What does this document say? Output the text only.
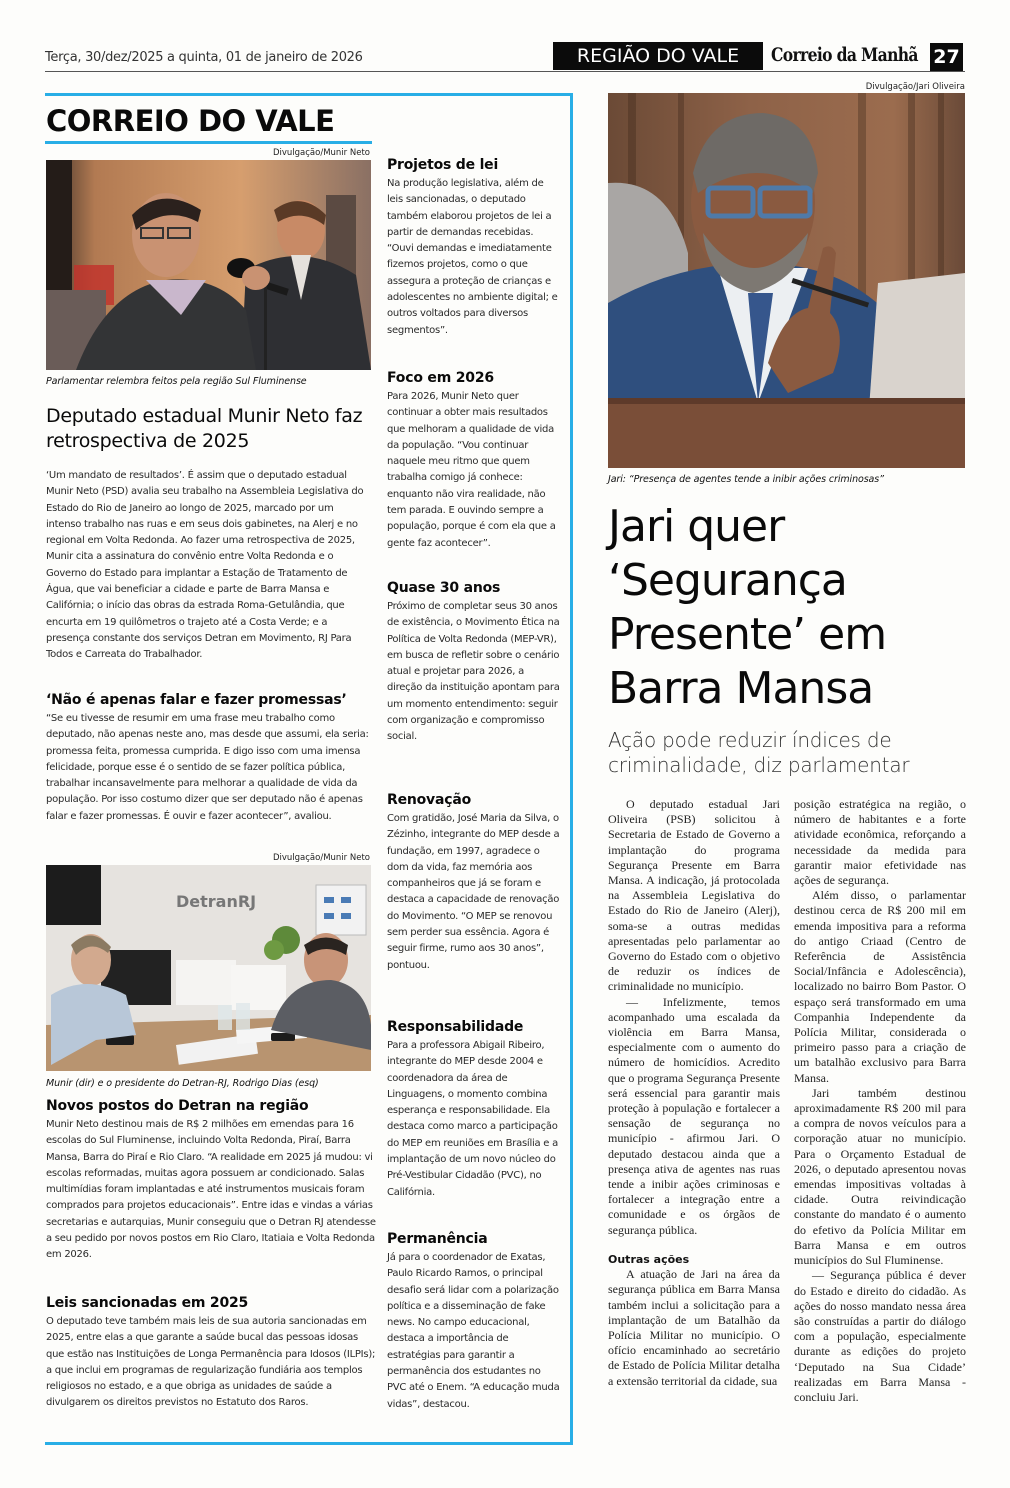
Terça, 30/dez/2025 a quinta, 01 de janeiro de 2026	REGIÃO DO VALE	Correio da Manhã 27
CORREIO DO VALE
Divulgação/Munir Neto
Parlamentar relembra feitos pela região Sul Fluminense
Deputado estadual Munir Neto faz retrospectiva de 2025
‘Um mandato de resultados’. É assim que o deputado estadual Munir Neto (PSD) avalia seu trabalho na Assembleia Legislativa do Estado do Rio de Janeiro ao longo de 2025, marcado por um intenso trabalho nas ruas e em seus dois gabinetes, na Alerj e no regional em Volta Redonda. Ao fazer uma retrospectiva de 2025, Munir cita a assinatura do convênio entre Volta Redonda e o Governo do Estado para implantar a Estação de Tratamento de Água, que vai beneficiar a cidade e parte de Barra Mansa e Califórnia; o início das obras da estrada Roma-Getulândia, que encurta em 19 quilômetros o trajeto até a Costa Verde; e a presença constante dos serviços Detran em Movimento, RJ Para Todos e Carreata do Trabalhador.
‘Não é apenas falar e fazer promessas’
“Se eu tivesse de resumir em uma frase meu trabalho como deputado, não apenas neste ano, mas desde que assumi, ela seria: promessa feita, promessa cumprida. E digo isso com uma imensa felicidade, porque esse é o sentido de se fazer política pública, trabalhar incansavelmente para melhorar a qualidade de vida da população. Por isso costumo dizer que ser deputado não é apenas falar e fazer promessas. É ouvir e fazer acontecer”, avaliou.
Divulgação/Munir Neto
DetranRJ
Munir (dir) e o presidente do Detran-RJ, Rodrigo Dias (esq)
Novos postos do Detran na região
Munir Neto destinou mais de R$ 2 milhões em emendas para 16 escolas do Sul Fluminense, incluindo Volta Redonda, Piraí, Barra Mansa, Barra do Piraí e Rio Claro. “A realidade em 2025 já mudou: vi escolas reformadas, muitas agora possuem ar condicionado. Salas multimídias foram implantadas e até instrumentos musicais foram comprados para projetos educacionais”. Entre idas e vindas a várias secretarias e autarquias, Munir conseguiu que o Detran RJ atendesse a seu pedido por novos postos em Rio Claro, Itatiaia e Volta Redonda em 2026.
Leis sancionadas em 2025
O deputado teve também mais leis de sua autoria sancionadas em 2025, entre elas a que garante a saúde bucal das pessoas idosas que estão nas Instituições de Longa Permanência para Idosos (ILPIs); a que inclui em programas de regularização fundiária aos templos religiosos no estado, e a que obriga as unidades de saúde a divulgarem os direitos previstos no Estatuto dos Raros.
Projetos de lei
Na produção legislativa, além de leis sancionadas, o deputado também elaborou projetos de lei a partir de demandas recebidas. “Ouvi demandas e imediatamente fizemos projetos, como o que assegura a proteção de crianças e adolescentes no ambiente digital; e outros voltados para diversos segmentos”.
Foco em 2026
Para 2026, Munir Neto quer continuar a obter mais resultados que melhoram a qualidade de vida da população. “Vou continuar naquele meu ritmo que quem trabalha comigo já conhece: enquanto não vira realidade, não tem parada. E ouvindo sempre a população, porque é com ela que a gente faz acontecer”.
Quase 30 anos
Próximo de completar seus 30 anos de existência, o Movimento Ética na Política de Volta Redonda (MEP-VR), em busca de refletir sobre o cenário atual e projetar para 2026, a direção da instituição apontam para um momento entendimento: seguir com organização e compromisso social.
Renovação
Com gratidão, José Maria da Silva, o Zézinho, integrante do MEP desde a fundação, em 1997, agradece o dom da vida, faz memória aos companheiros que já se foram e destaca a capacidade de renovação do Movimento. “O MEP se renovou sem perder sua essência. Agora é seguir firme, rumo aos 30 anos”, pontuou.
Responsabilidade
Para a professora Abigail Ribeiro, integrante do MEP desde 2004 e coordenadora da área de Linguagens, o momento combina esperança e responsabilidade. Ela destaca como marco a participação do MEP em reuniões em Brasília e a implantação de um novo núcleo do Pré-Vestibular Cidadão (PVC), no Califórnia.
Permanência
Já para o coordenador de Exatas, Paulo Ricardo Ramos, o principal desafio será lidar com a polarização política e a disseminação de fake news. No campo educacional, destaca a importância de estratégias para garantir a permanência dos estudantes no PVC até o Enem. “A educação muda vidas”, destacou.
Divulgação/Jari Oliveira
Jari: “Presença de agentes tende a inibir ações criminosas”
Jari quer ‘Segurança Presente’ em Barra Mansa
Ação pode reduzir índices de criminalidade, diz parlamentar

O deputado estadual Jari Oliveira (PSB) solicitou à Secretaria de Estado de Governo a implantação do programa Segurança Presente em Barra Mansa. A indicação, já protocolada na Assembleia Legislativa do Estado do Rio de Janeiro (Alerj), soma-se a outras medidas apresentadas pelo parlamentar ao Governo do Estado com o objetivo de reduzir os índices de criminalidade no município.

— Infelizmente, temos acompanhado uma escalada da violência em Barra Mansa, especialmente com o aumento do número de homicídios. Acredito que o programa Segurança Presente será essencial para garantir mais proteção à população e fortalecer a sensação de segurança no município - afirmou Jari. O deputado destacou ainda que a presença ativa de agentes nas ruas tende a inibir ações criminosas e fortalecer a integração entre a comunidade e os órgãos de segurança pública.

Outras ações

A atuação de Jari na área da segurança pública em Barra Mansa também inclui a solicitação para a implantação de um Batalhão da Polícia Militar no município. O ofício encaminhado ao secretário de Estado de Polícia Militar detalha a extensão territorial da cidade, sua

posição estratégica na região, o número de habitantes e a forte atividade econômica, reforçando a necessidade da medida para garantir maior efetividade nas ações de segurança.

Além disso, o parlamentar destinou cerca de R$ 200 mil em emenda impositiva para a reforma do antigo Criaad (Centro de Referência de Assistência Social/Infância e Adolescência), localizado no bairro Bom Pastor. O espaço será transformado em uma Companhia Independente da Polícia Militar, considerada o primeiro passo para a criação de um batalhão exclusivo para Barra Mansa.

Jari também destinou aproximadamente R$ 200 mil para a compra de novos veículos para a corporação atuar no município. Para o Orçamento Estadual de 2026, o deputado apresentou novas emendas impositivas voltadas à cidade. Outra reivindicação constante do mandato é o aumento do efetivo da Polícia Militar em Barra Mansa e em outros municípios do Sul Fluminense.

— Segurança pública é dever do Estado e direito do cidadão. As ações do nosso mandato nessa área são construídas a partir do diálogo com a população, especialmente durante as edições do projeto ‘Deputado na Sua Cidade’ realizadas em Barra Mansa - concluiu Jari.
